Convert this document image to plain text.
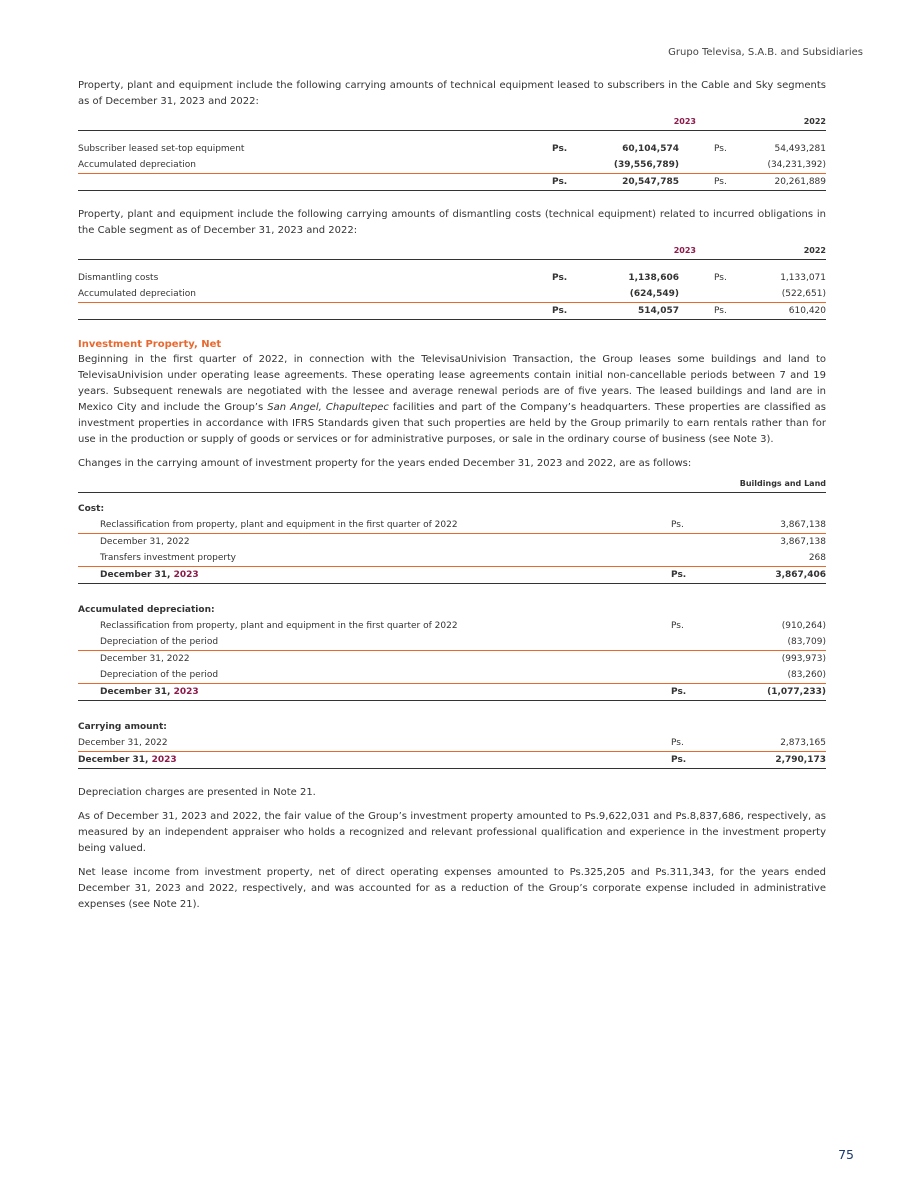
Grupo Televisa, S.A.B. and Subsidiaries

Property, plant and equipment include the following carrying amounts of technical equipment leased to subscribers in the Cable and Sky segments as of December 31, 2023 and 2022:

2023	2022
Subscriber leased set-top equipment	Ps.	60,104,574	Ps.	54,493,281
Accumulated depreciation	(39,556,789)	(34,231,392)
Ps.	20,547,785	Ps.	20,261,889

Property, plant and equipment include the following carrying amounts of dismantling costs (technical equipment) related to incurred obligations in the Cable segment as of December 31, 2023 and 2022:

2023	2022
Dismantling costs	Ps.	1,138,606	Ps.	1,133,071
Accumulated depreciation	(624,549)	(522,651)
Ps.	514,057	Ps.	610,420
Investment Property, Net

Beginning in the first quarter of 2022, in connection with the TelevisaUnivision Transaction, the Group leases some buildings and land to TelevisaUnivision under operating lease agreements. These operating lease agreements contain initial non-cancellable periods between 7 and 19 years. Subsequent renewals are negotiated with the lessee and average renewal periods are of five years. The leased buildings and land are in Mexico City and include the Group’s San Angel, Chapultepec facilities and part of the Company’s headquarters. These properties are classified as investment properties in accordance with IFRS Standards given that such properties are held by the Group primarily to earn rentals rather than for use in the production or supply of goods or services or for administrative purposes, or sale in the ordinary course of business (see Note 3).

Changes in the carrying amount of investment property for the years ended December 31, 2023 and 2022, are as follows:

Buildings and Land
Cost:
Reclassification from property, plant and equipment in the first quarter of 2022	Ps.	3,867,138
December 31, 2022	3,867,138
Transfers investment property	268
December 31, 2023	Ps.	3,867,406
Accumulated depreciation:
Reclassification from property, plant and equipment in the first quarter of 2022	Ps.	(910,264)
Depreciation of the period	(83,709)
December 31, 2022	(993,973)
Depreciation of the period	(83,260)
December 31, 2023	Ps.	(1,077,233)
Carrying amount:
December 31, 2022	Ps.	2,873,165
December 31, 2023	Ps.	2,790,173

Depreciation charges are presented in Note 21.

As of December 31, 2023 and 2022, the fair value of the Group’s investment property amounted to Ps.9,622,031 and Ps.8,837,686, respectively, as measured by an independent appraiser who holds a recognized and relevant professional qualification and experience in the investment property being valued.

Net lease income from investment property, net of direct operating expenses amounted to Ps.325,205 and Ps.311,343, for the years ended December 31, 2023 and 2022, respectively, and was accounted for as a reduction of the Group’s corporate expense included in administrative expenses (see Note 21).

75
